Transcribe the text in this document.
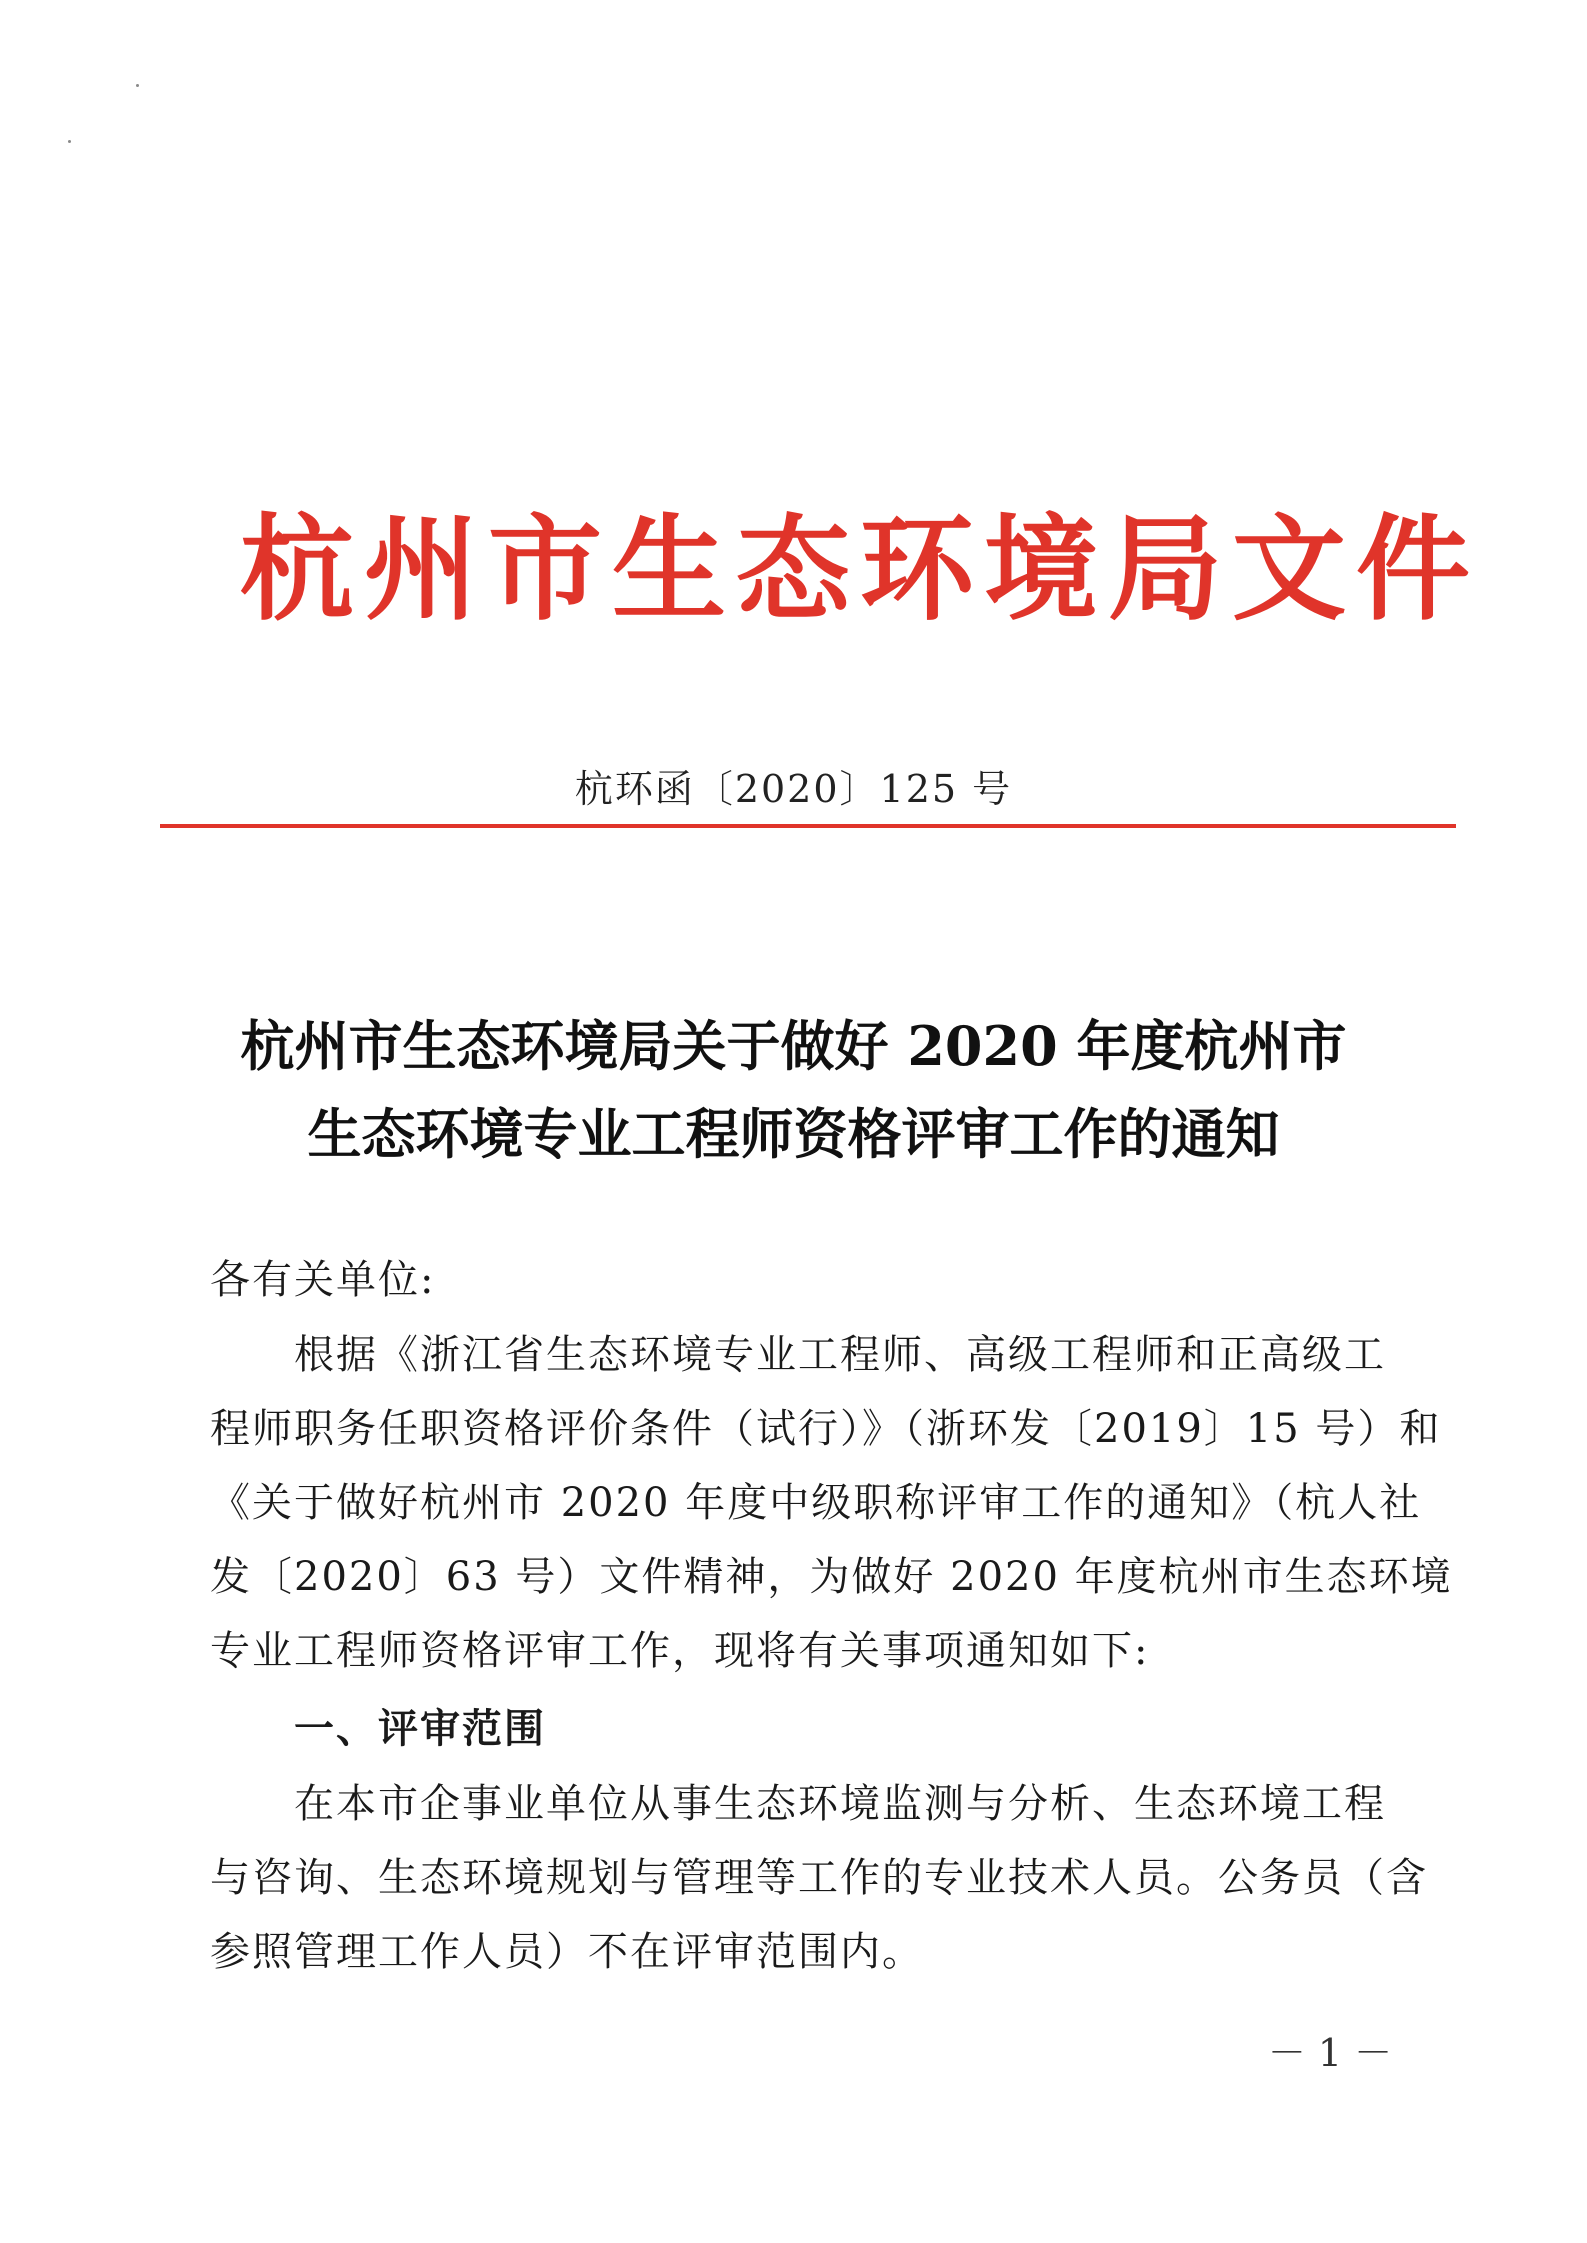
杭州市生态环境局文件
杭环函〔2020〕125 号
杭州市生态环境局关于做好 2020 年度杭州市
生态环境专业工程师资格评审工作的通知
各有关单位:
根据《浙江省生态环境专业工程师、高级工程师和正高级工
程师职务任职资格评价条件（试行）》（浙环发〔2019〕15 号）和
《关于做好杭州市 2020 年度中级职称评审工作的通知》（杭人社
发〔2020〕63 号）文件精神，为做好 2020 年度杭州市生态环境
专业工程师资格评审工作，现将有关事项通知如下:
一、评审范围
在本市企事业单位从事生态环境监测与分析、生态环境工程
与咨询、生态环境规划与管理等工作的专业技术人员。公务员（含
参照管理工作人员）不在评审范围内。
－ 1 －
